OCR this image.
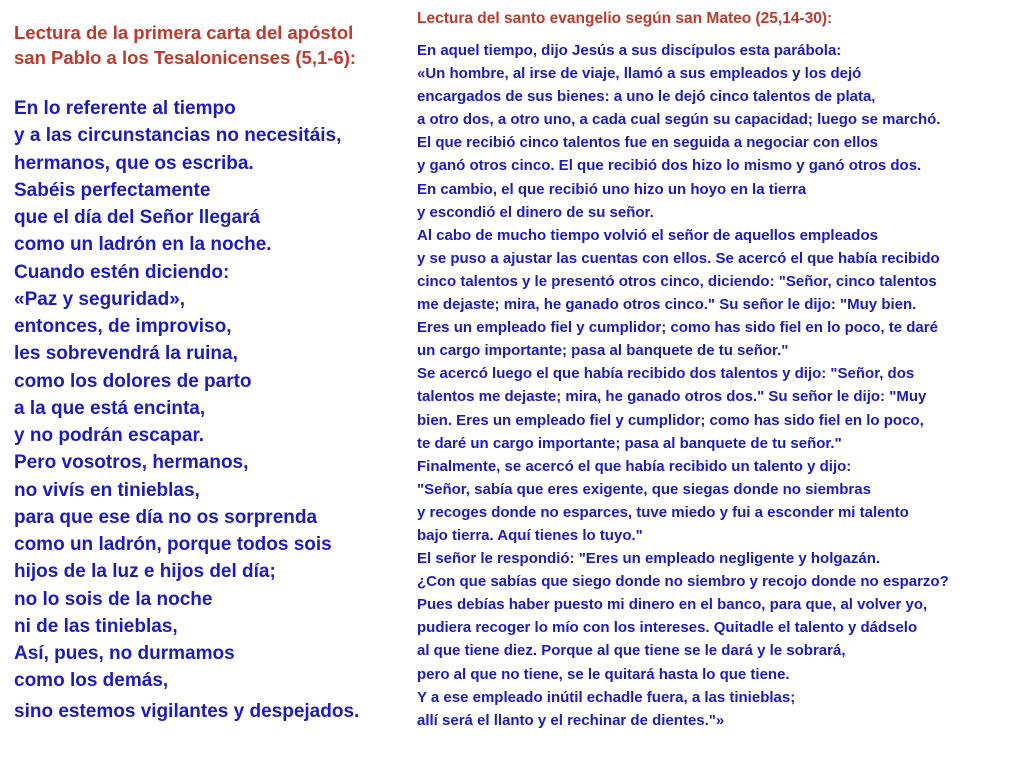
Lectura de la primera carta del apóstol
san Pablo a los Tesalonicenses (5,1-6):
En lo referente al tiempo
y a las circunstancias no necesitáis,
hermanos, que os escriba.
Sabéis perfectamente
que el día del Señor llegará
como un ladrón en la noche.
Cuando estén diciendo:
«Paz y seguridad»,
entonces, de improviso,
les sobrevendrá la ruina,
como los dolores de parto
a la que está encinta,
y no podrán escapar.
Pero vosotros, hermanos,
no vivís en tinieblas,
para que ese día no os sorprenda
como un ladrón, porque todos sois
hijos de la luz e hijos del día;
no lo sois de la noche
ni de las tinieblas,
Así, pues, no durmamos
como los demás,
sino estemos vigilantes y despejados.
Lectura del santo evangelio según san Mateo (25,14-30):
En aquel tiempo, dijo Jesús a sus discípulos esta parábola:
«Un hombre, al irse de viaje, llamó a sus empleados y los dejó
encargados de sus bienes: a uno le dejó cinco talentos de plata,
a otro dos, a otro uno, a cada cual según su capacidad; luego se marchó.
El que recibió cinco talentos fue en seguida a negociar con ellos
y ganó otros cinco. El que recibió dos hizo lo mismo y ganó otros dos.
En cambio, el que recibió uno hizo un hoyo en la tierra
y escondió el dinero de su señor.
Al cabo de mucho tiempo volvió el señor de aquellos empleados
y se puso a ajustar las cuentas con ellos. Se acercó el que había recibido
cinco talentos y le presentó otros cinco, diciendo: "Señor, cinco talentos
me dejaste; mira, he ganado otros cinco." Su señor le dijo: "Muy bien.
Eres un empleado fiel y cumplidor; como has sido fiel en lo poco, te daré
un cargo importante; pasa al banquete de tu señor."
Se acercó luego el que había recibido dos talentos y dijo: "Señor, dos
talentos me dejaste; mira, he ganado otros dos." Su señor le dijo: "Muy
bien. Eres un empleado fiel y cumplidor; como has sido fiel en lo poco,
te daré un cargo importante; pasa al banquete de tu señor."
Finalmente, se acercó el que había recibido un talento y dijo:
"Señor, sabía que eres exigente, que siegas donde no siembras
y recoges donde no esparces, tuve miedo y fui a esconder mi talento
bajo tierra. Aquí tienes lo tuyo."
El señor le respondió: "Eres un empleado negligente y holgazán.
¿Con que sabías que siego donde no siembro y recojo donde no esparzo?
Pues debías haber puesto mi dinero en el banco, para que, al volver yo,
pudiera recoger lo mío con los intereses. Quitadle el talento y dádselo
al que tiene diez. Porque al que tiene se le dará y le sobrará,
pero al que no tiene, se le quitará hasta lo que tiene.
Y a ese empleado inútil echadle fuera, a las tinieblas;
allí será el llanto y el rechinar de dientes."»
